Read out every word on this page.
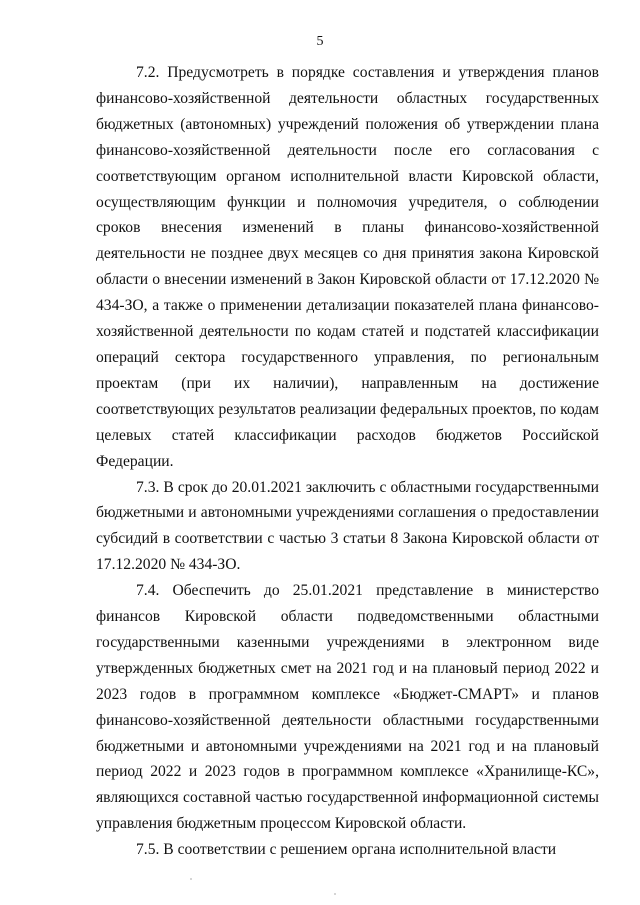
5

7.2. Предусмотреть в порядке составления и утверждения планов финансово-хозяйственной деятельности областных государственных бюджетных (автономных) учреждений положения об утверждении плана финансово-хозяйственной деятельности после его согласования с соответствующим органом исполнительной власти Кировской области, осуществляющим функции и полномочия учредителя, о соблюдении сроков внесения изменений в планы финансово-хозяйственной деятельности не позднее двух месяцев со дня принятия закона Кировской области о внесении изменений в Закон Кировской области от 17.12.2020 № 434-ЗО, а также о применении детализации показателей плана финансово-хозяйственной деятельности по кодам статей и подстатей классификации операций сектора государственного управления, по региональным проектам (при их наличии), направленным на достижение соответствующих результатов реализации федеральных проектов, по кодам целевых статей классификации расходов бюджетов Российской Федерации.

7.3. В срок до 20.01.2021 заключить с областными государственными бюджетными и автономными учреждениями соглашения о предоставлении субсидий в соответствии с частью 3 статьи 8 Закона Кировской области от 17.12.2020 № 434-ЗО.

7.4. Обеспечить до 25.01.2021 представление в министерство финансов Кировской области подведомственными областными государственными казенными учреждениями в электронном виде утвержденных бюджетных смет на 2021 год и на плановый период 2022 и 2023 годов в программном комплексе «Бюджет-СМАРТ» и планов финансово-хозяйственной деятельности областными государственными бюджетными и автономными учреждениями на 2021 год и на плановый период 2022 и 2023 годов в программном комплексе «Хранилище-КС», являющихся составной частью государственной информационной системы управления бюджетным процессом Кировской области.

7.5. В соответствии с решением органа исполнительной власти
